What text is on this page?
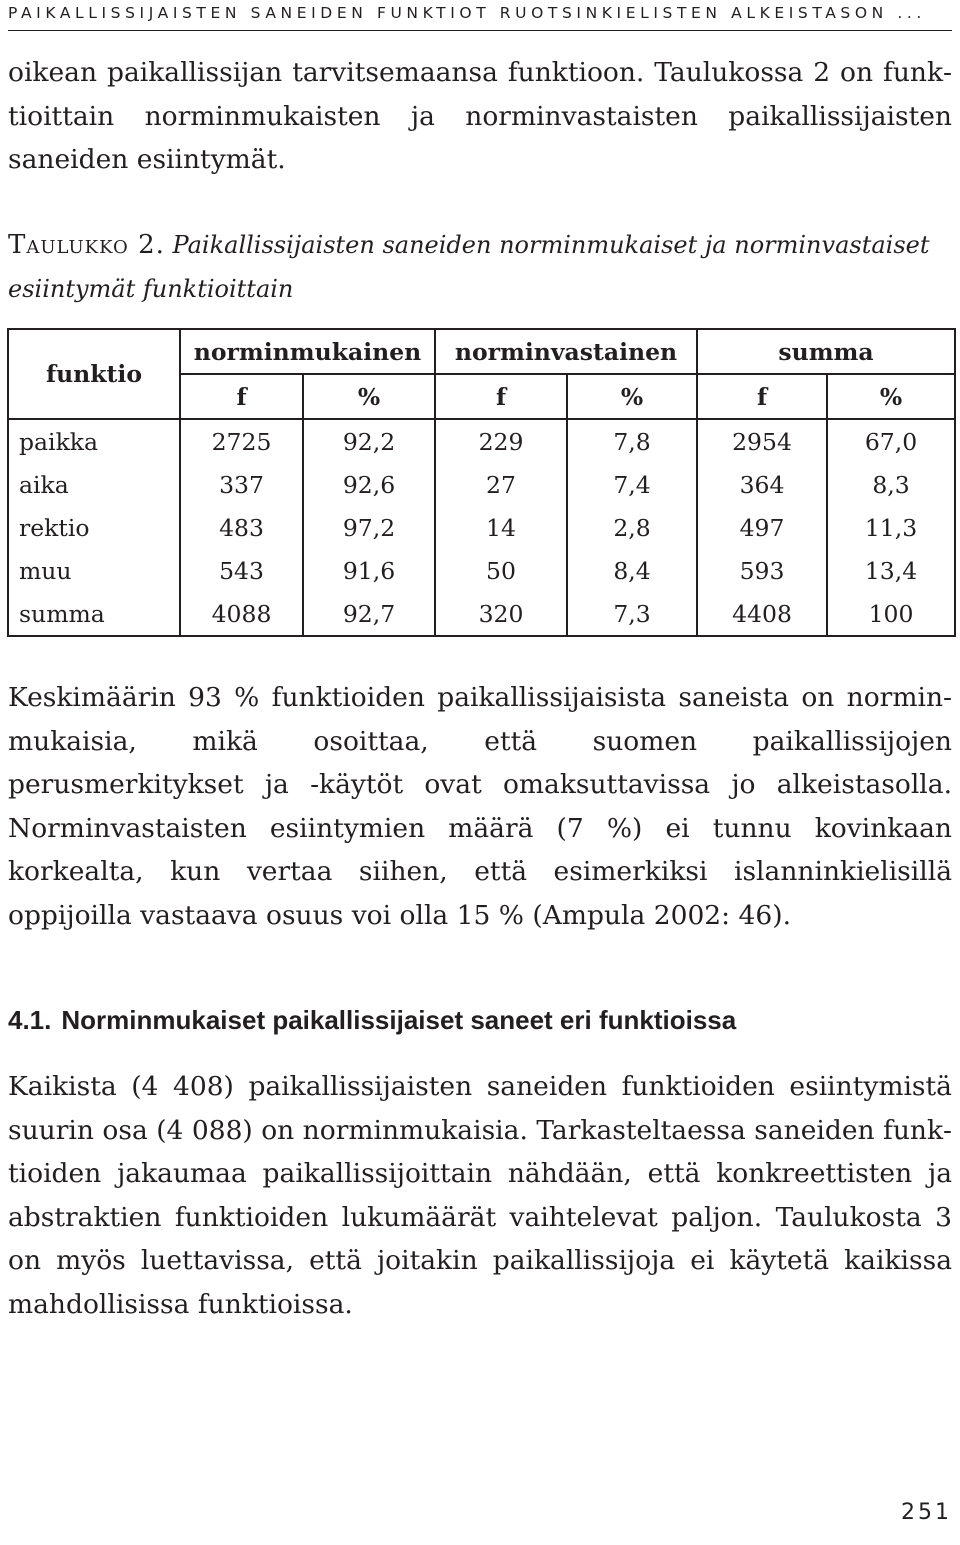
PAIKALLISSIJAISTEN SANEIDEN FUNKTIOT RUOTSINKIELISTEN ALKEISTASON ...

oikean paikallissijan tarvitsemaansa funktioon. Taulukossa 2 on funktioittain norminmukaisten ja norminvastaisten paikallissijaisten saneiden esiintymät.

Taulukko 2. Paikallissijaisten saneiden norminmukaiset ja norminvastaiset esiintymät funktioittain

funktio	norminmukainen		norminvastainen		summa	
	f	%	f	%	f	%
paikka	2725	92,2	229	7,8	2954	67,0
aika	337	92,6	27	7,4	364	8,3
rektio	483	97,2	14	2,8	497	11,3
muu	543	91,6	50	8,4	593	13,4
summa	4088	92,7	320	7,3	4408	100

Keskimäärin 93 % funktioiden paikallissijaisista saneista on norminmukaisia, mikä osoittaa, että suomen paikallissijojen perusmerkitykset ja -käytöt ovat omaksuttavissa jo alkeistasolla. Norminvastaisten esiintymien määrä (7 %) ei tunnu kovinkaan korkealta, kun vertaa siihen, että esimerkiksi islanninkielisillä oppijoilla vastaava osuus voi olla 15 % (Ampula 2002: 46).

4.1. Norminmukaiset paikallissijaiset saneet eri funktioissa

Kaikista (4 408) paikallissijaisten saneiden funktioiden esiintymistä suurin osa (4 088) on norminmukaisia. Tarkasteltaessa saneiden funktioiden jakaumaa paikallissijoittain nähdään, että konkreettisten ja abstraktien funktioiden lukumäärät vaihtelevat paljon. Taulukosta 3 on myös luettavissa, että joitakin paikallissijoja ei käytetä kaikissa mahdollisissa funktioissa.

251
